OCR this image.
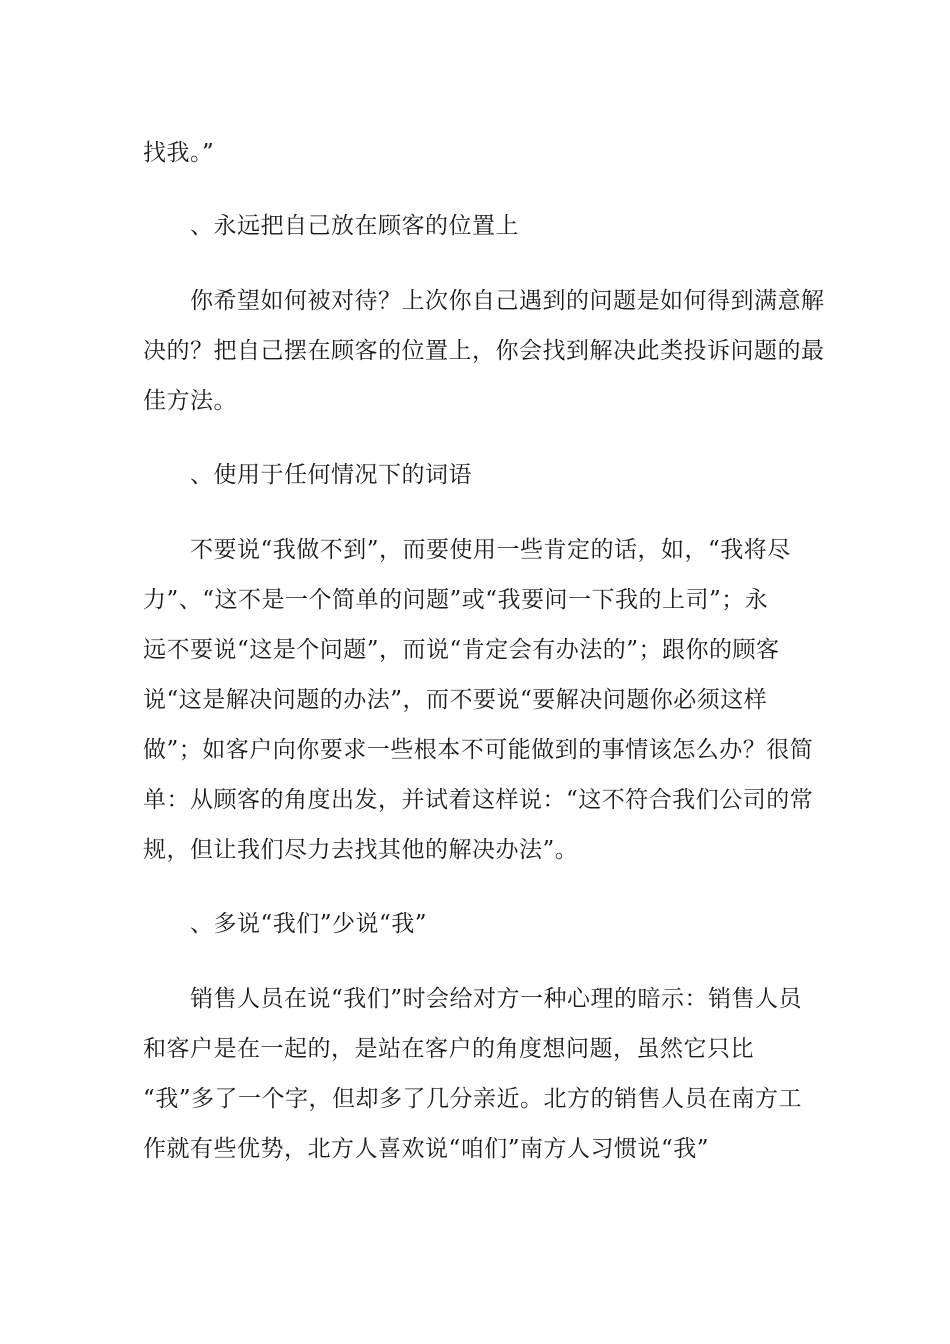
找我。”
、永远把自己放在顾客的位置上
你希望如何被对待？上次你自己遇到的问题是如何得到满意解
决的？把自己摆在顾客的位置上，你会找到解决此类投诉问题的最
佳方法。
、使用于任何情况下的词语
不要说“我做不到”，而要使用一些肯定的话，如，“我将尽
力”、“这不是一个简单的问题”或“我要问一下我的上司”；永
远不要说“这是个问题”，而说“肯定会有办法的”；跟你的顾客
说“这是解决问题的办法”，而不要说“要解决问题你必须这样
做”；如客户向你要求一些根本不可能做到的事情该怎么办？很简
单：从顾客的角度出发，并试着这样说：“这不符合我们公司的常
规，但让我们尽力去找其他的解决办法”。
、多说“我们”少说“我”
销售人员在说“我们”时会给对方一种心理的暗示：销售人员
和客户是在一起的，是站在客户的角度想问题，虽然它只比
“我”多了一个字，但却多了几分亲近。北方的销售人员在南方工
作就有些优势，北方人喜欢说“咱们”南方人习惯说“我”
